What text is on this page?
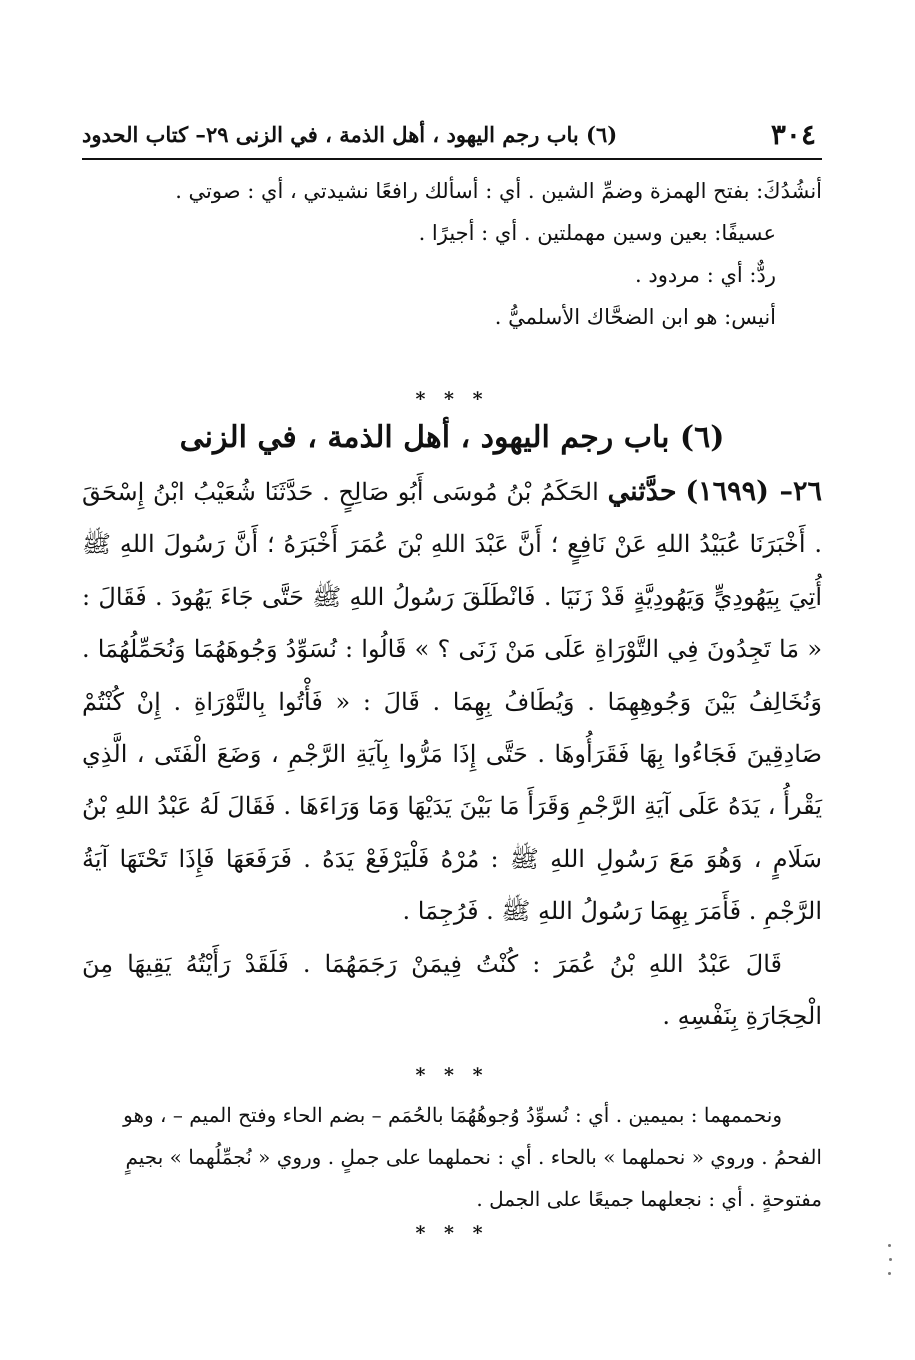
٣٠٤
(٦) باب رجم اليهود ، أهل الذمة ، في الزنى ٢٩– كتاب الحدود

أنشُدُكَ: بفتح الهمزة وضمِّ الشين . أي : أسألك رافعًا نشيدتي ، أي : صوتي .

عسيفًا: بعين وسين مهملتين . أي : أجيرًا .

ردٌّ: أي : مردود .

أنيس: هو ابن الضحَّاك الأسلميُّ .

* * *
(٦) باب رجم اليهود ، أهل الذمة ، في الزنى

٢٦– (١٦٩٩) حدَّثني الحَكَمُ بْنُ مُوسَى أَبُو صَالِحٍ . حَدَّثَنَا شُعَيْبُ ابْنُ إِسْحَقَ . أَخْبَرَنَا عُبَيْدُ اللهِ عَنْ نَافِعٍ ؛ أَنَّ عَبْدَ اللهِ بْنَ عُمَرَ أَخْبَرَهُ ؛ أَنَّ رَسُولَ اللهِ ﷺ أُتِيَ بِيَهُودِيٍّ وَيَهُودِيَّةٍ قَدْ زَنَيَا . فَانْطَلَقَ رَسُولُ اللهِ ﷺ حَتَّى جَاءَ يَهُودَ . فَقَالَ : « مَا تَجِدُونَ فِي التَّوْرَاةِ عَلَى مَنْ زَنَى ؟ » قَالُوا : نُسَوِّدُ وَجُوهَهُمَا وَنُحَمِّلُهُمَا . وَنُخَالِفُ بَيْنَ وَجُوهِهِمَا . وَيُطَافُ بِهِمَا . قَالَ : « فَأْتُوا بِالتَّوْرَاةِ . إِنْ كُنْتُمْ صَادِقِينَ فَجَاءُوا بِهَا فَقَرَأُوهَا . حَتَّى إِذَا مَرُّوا بِآيَةِ الرَّجْمِ ، وَضَعَ الْفَتَى ، الَّذِي يَقْرأُ ، يَدَهُ عَلَى آيَةِ الرَّجْمِ وَقَرَأَ مَا بَيْنَ يَدَيْهَا وَمَا وَرَاءَهَا . فَقَالَ لَهُ عَبْدُ اللهِ بْنُ سَلَامٍ ، وَهُوَ مَعَ رَسُولِ اللهِ ﷺ : مُرْهُ فَلْيَرْفَعْ يَدَهُ . فَرَفَعَهَا فَإِذَا تَحْتَهَا آيَةُ الرَّجْمِ . فَأَمَرَ بِهِمَا رَسُولُ اللهِ ﷺ . فَرُجِمَا .

قَالَ عَبْدُ اللهِ بْنُ عُمَرَ : كُنْتُ فِيمَنْ رَجَمَهُمَا . فَلَقَدْ رَأَيْتُهُ يَقِيهَا مِنَ الْحِجَارَةِ بِنَفْسِهِ .

* * *

ونحممهما : بميمين . أي : نُسوِّدُ وُجوهُهُمَا بالحُمَم – بضم الحاء وفتح الميم – ، وهو الفحمُ . وروي « نحملهما » بالحاء . أي : نحملهما على جملٍ . وروي « نُجمِّلُهما » بجيمٍ مفتوحةٍ . أي : نجعلهما جميعًا على الجمل .

* * *
